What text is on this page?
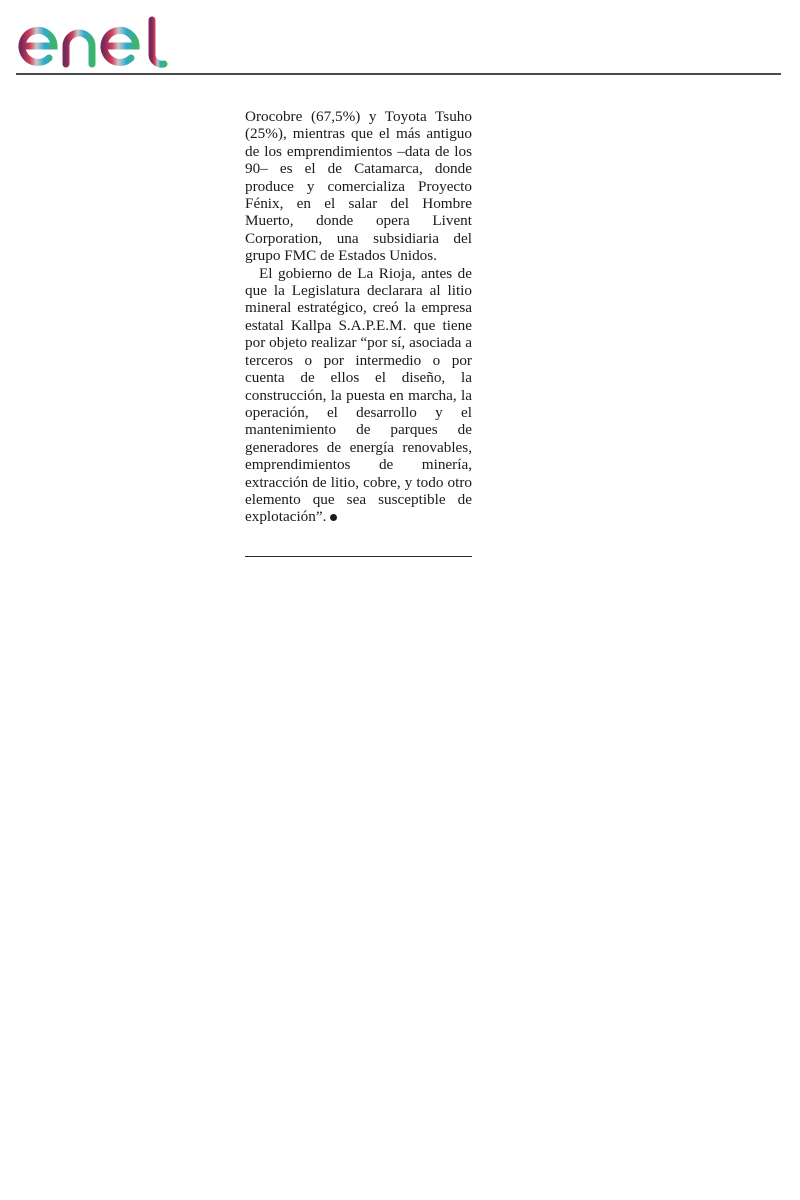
Orocobre (67,5%) y Toyota Tsuho (25%), mientras que el más antiguo de los emprendimientos –data de los 90– es el de Catamarca, donde produce y comercializa Proyecto Fénix, en el salar del Hombre Muerto, donde opera Livent Corporation, una subsidiaria del grupo FMC de Estados Unidos.

El gobierno de La Rioja, antes de que la Legislatura declarara al litio mineral estratégico, creó la empresa estatal Kallpa S.A.P.E.M. que tiene por objeto realizar “por sí, asociada a terceros o por intermedio o por cuenta de ellos el diseño, la construcción, la puesta en marcha, la operación, el desarrollo y el mantenimiento de parques de generadores de energía renovables, emprendimientos de minería, extracción de litio, cobre, y todo otro elemento que sea susceptible de explotación”.
